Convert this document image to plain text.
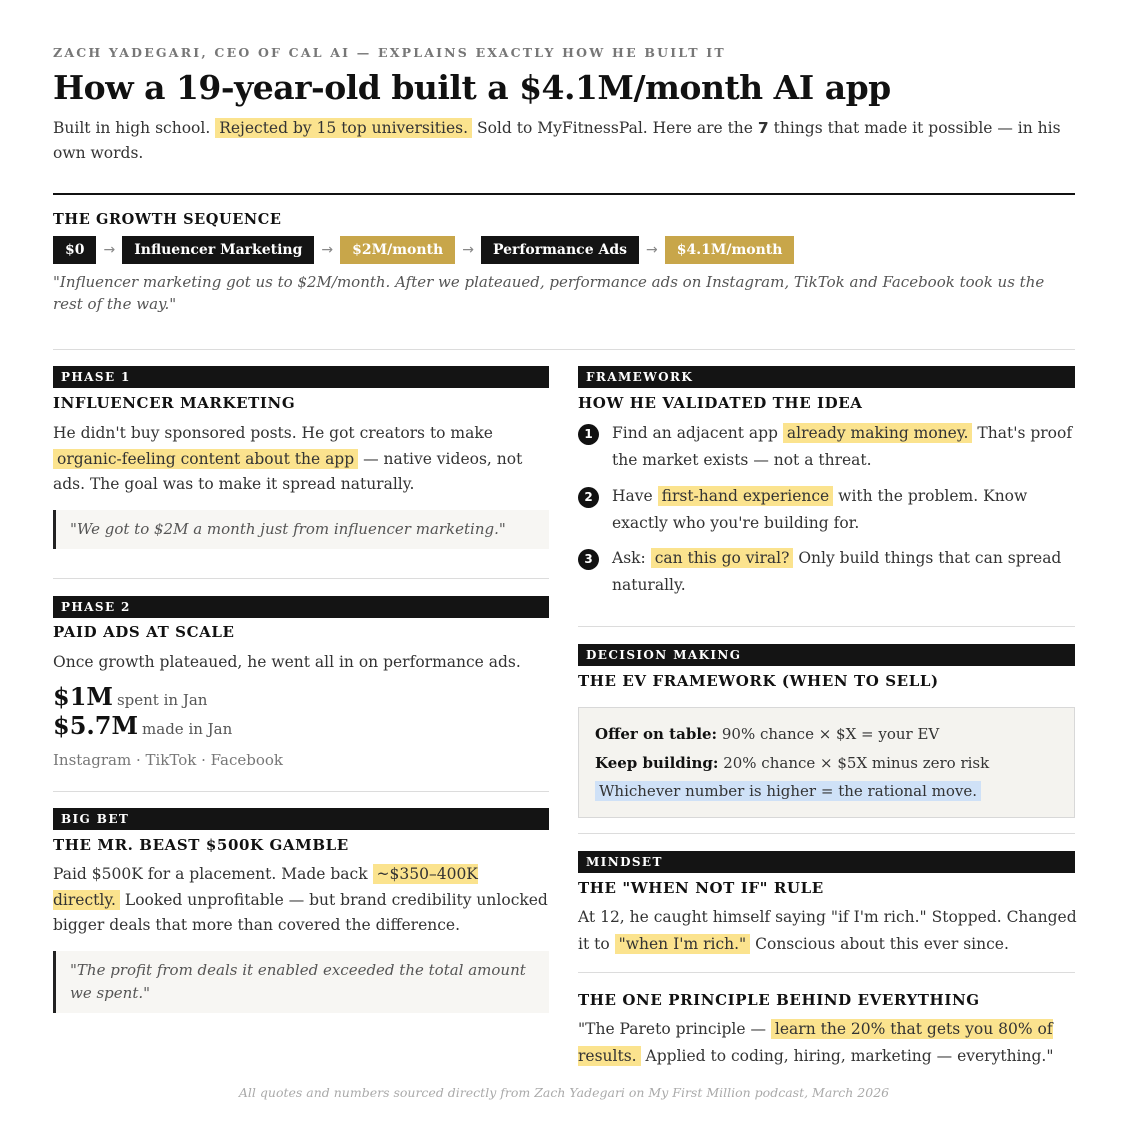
ZACH YADEGARI, CEO OF CAL AI — EXPLAINS EXACTLY HOW HE BUILT IT
How a 19-year-old built a $4.1M/month AI app
Built in high school. Rejected by 15 top universities. Sold to MyFitnessPal. Here are the 7 things that made it possible — in his own words.
THE GROWTH SEQUENCE
$0	→	Influencer Marketing	→	$2M/month	→	Performance Ads	→	$4.1M/month
"Influencer marketing got us to $2M/month. After we plateaued, performance ads on Instagram, TikTok and Facebook took us the rest of the way."
PHASE 1
INFLUENCER MARKETING
He didn't buy sponsored posts. He got creators to make organic-feeling content about the app — native videos, not ads. The goal was to make it spread naturally.
"We got to $2M a month just from influencer marketing."
PHASE 2
PAID ADS AT SCALE
Once growth plateaued, he went all in on performance ads.
$1M spent in Jan
$5.7M made in Jan
Instagram · TikTok · Facebook
BIG BET
THE MR. BEAST $500K GAMBLE
Paid $500K for a placement. Made back ~$350–400K directly. Looked unprofitable — but brand credibility unlocked bigger deals that more than covered the difference.
"The profit from deals it enabled exceeded the total amount we spent."
FRAMEWORK
HOW HE VALIDATED THE IDEA
1	Find an adjacent app already making money. That's proof the market exists — not a threat.
2	Have first-hand experience with the problem. Know exactly who you're building for.
3	Ask: can this go viral? Only build things that can spread naturally.
DECISION MAKING
THE EV FRAMEWORK (WHEN TO SELL)
Offer on table: 90% chance × $X = your EV
Keep building: 20% chance × $5X minus zero risk
Whichever number is higher = the rational move.
MINDSET
THE "WHEN NOT IF" RULE
At 12, he caught himself saying "if I'm rich." Stopped. Changed it to "when I'm rich." Conscious about this ever since.
THE ONE PRINCIPLE BEHIND EVERYTHING
"The Pareto principle — learn the 20% that gets you 80% of results. Applied to coding, hiring, marketing — everything."
All quotes and numbers sourced directly from Zach Yadegari on My First Million podcast, March 2026
